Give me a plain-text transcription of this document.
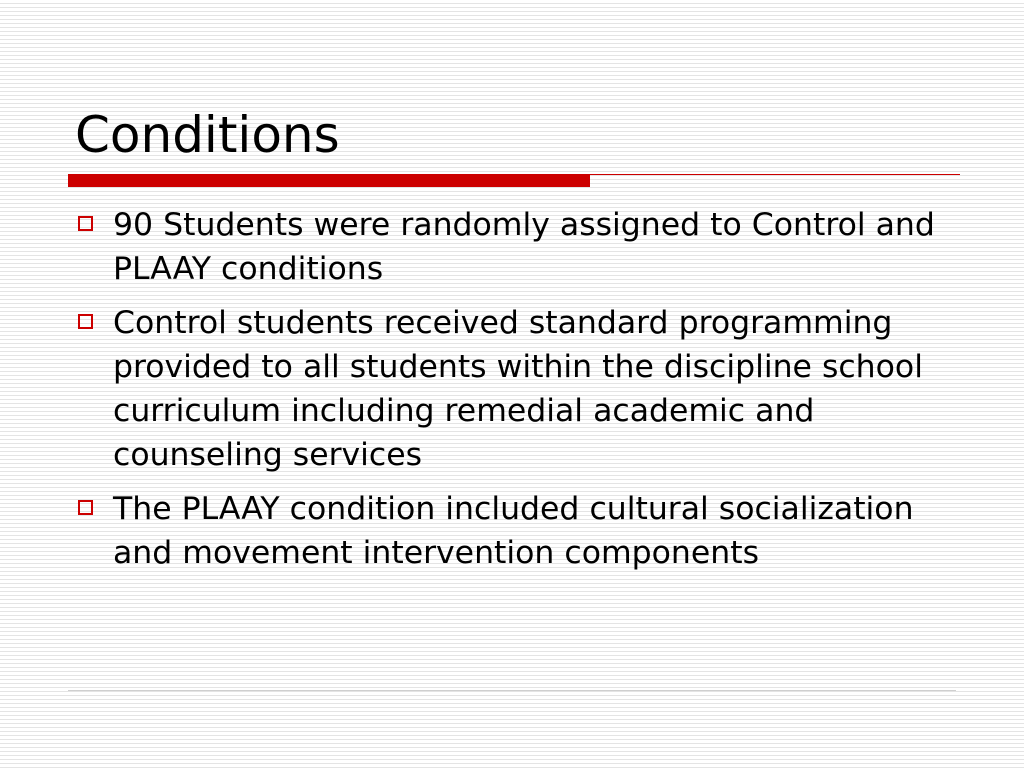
Conditions
90 Students were randomly assigned to Control and PLAAY conditions
Control students received standard programming provided to all students within the discipline school curriculum including remedial academic and counseling services
The PLAAY condition included cultural socialization and movement intervention components
